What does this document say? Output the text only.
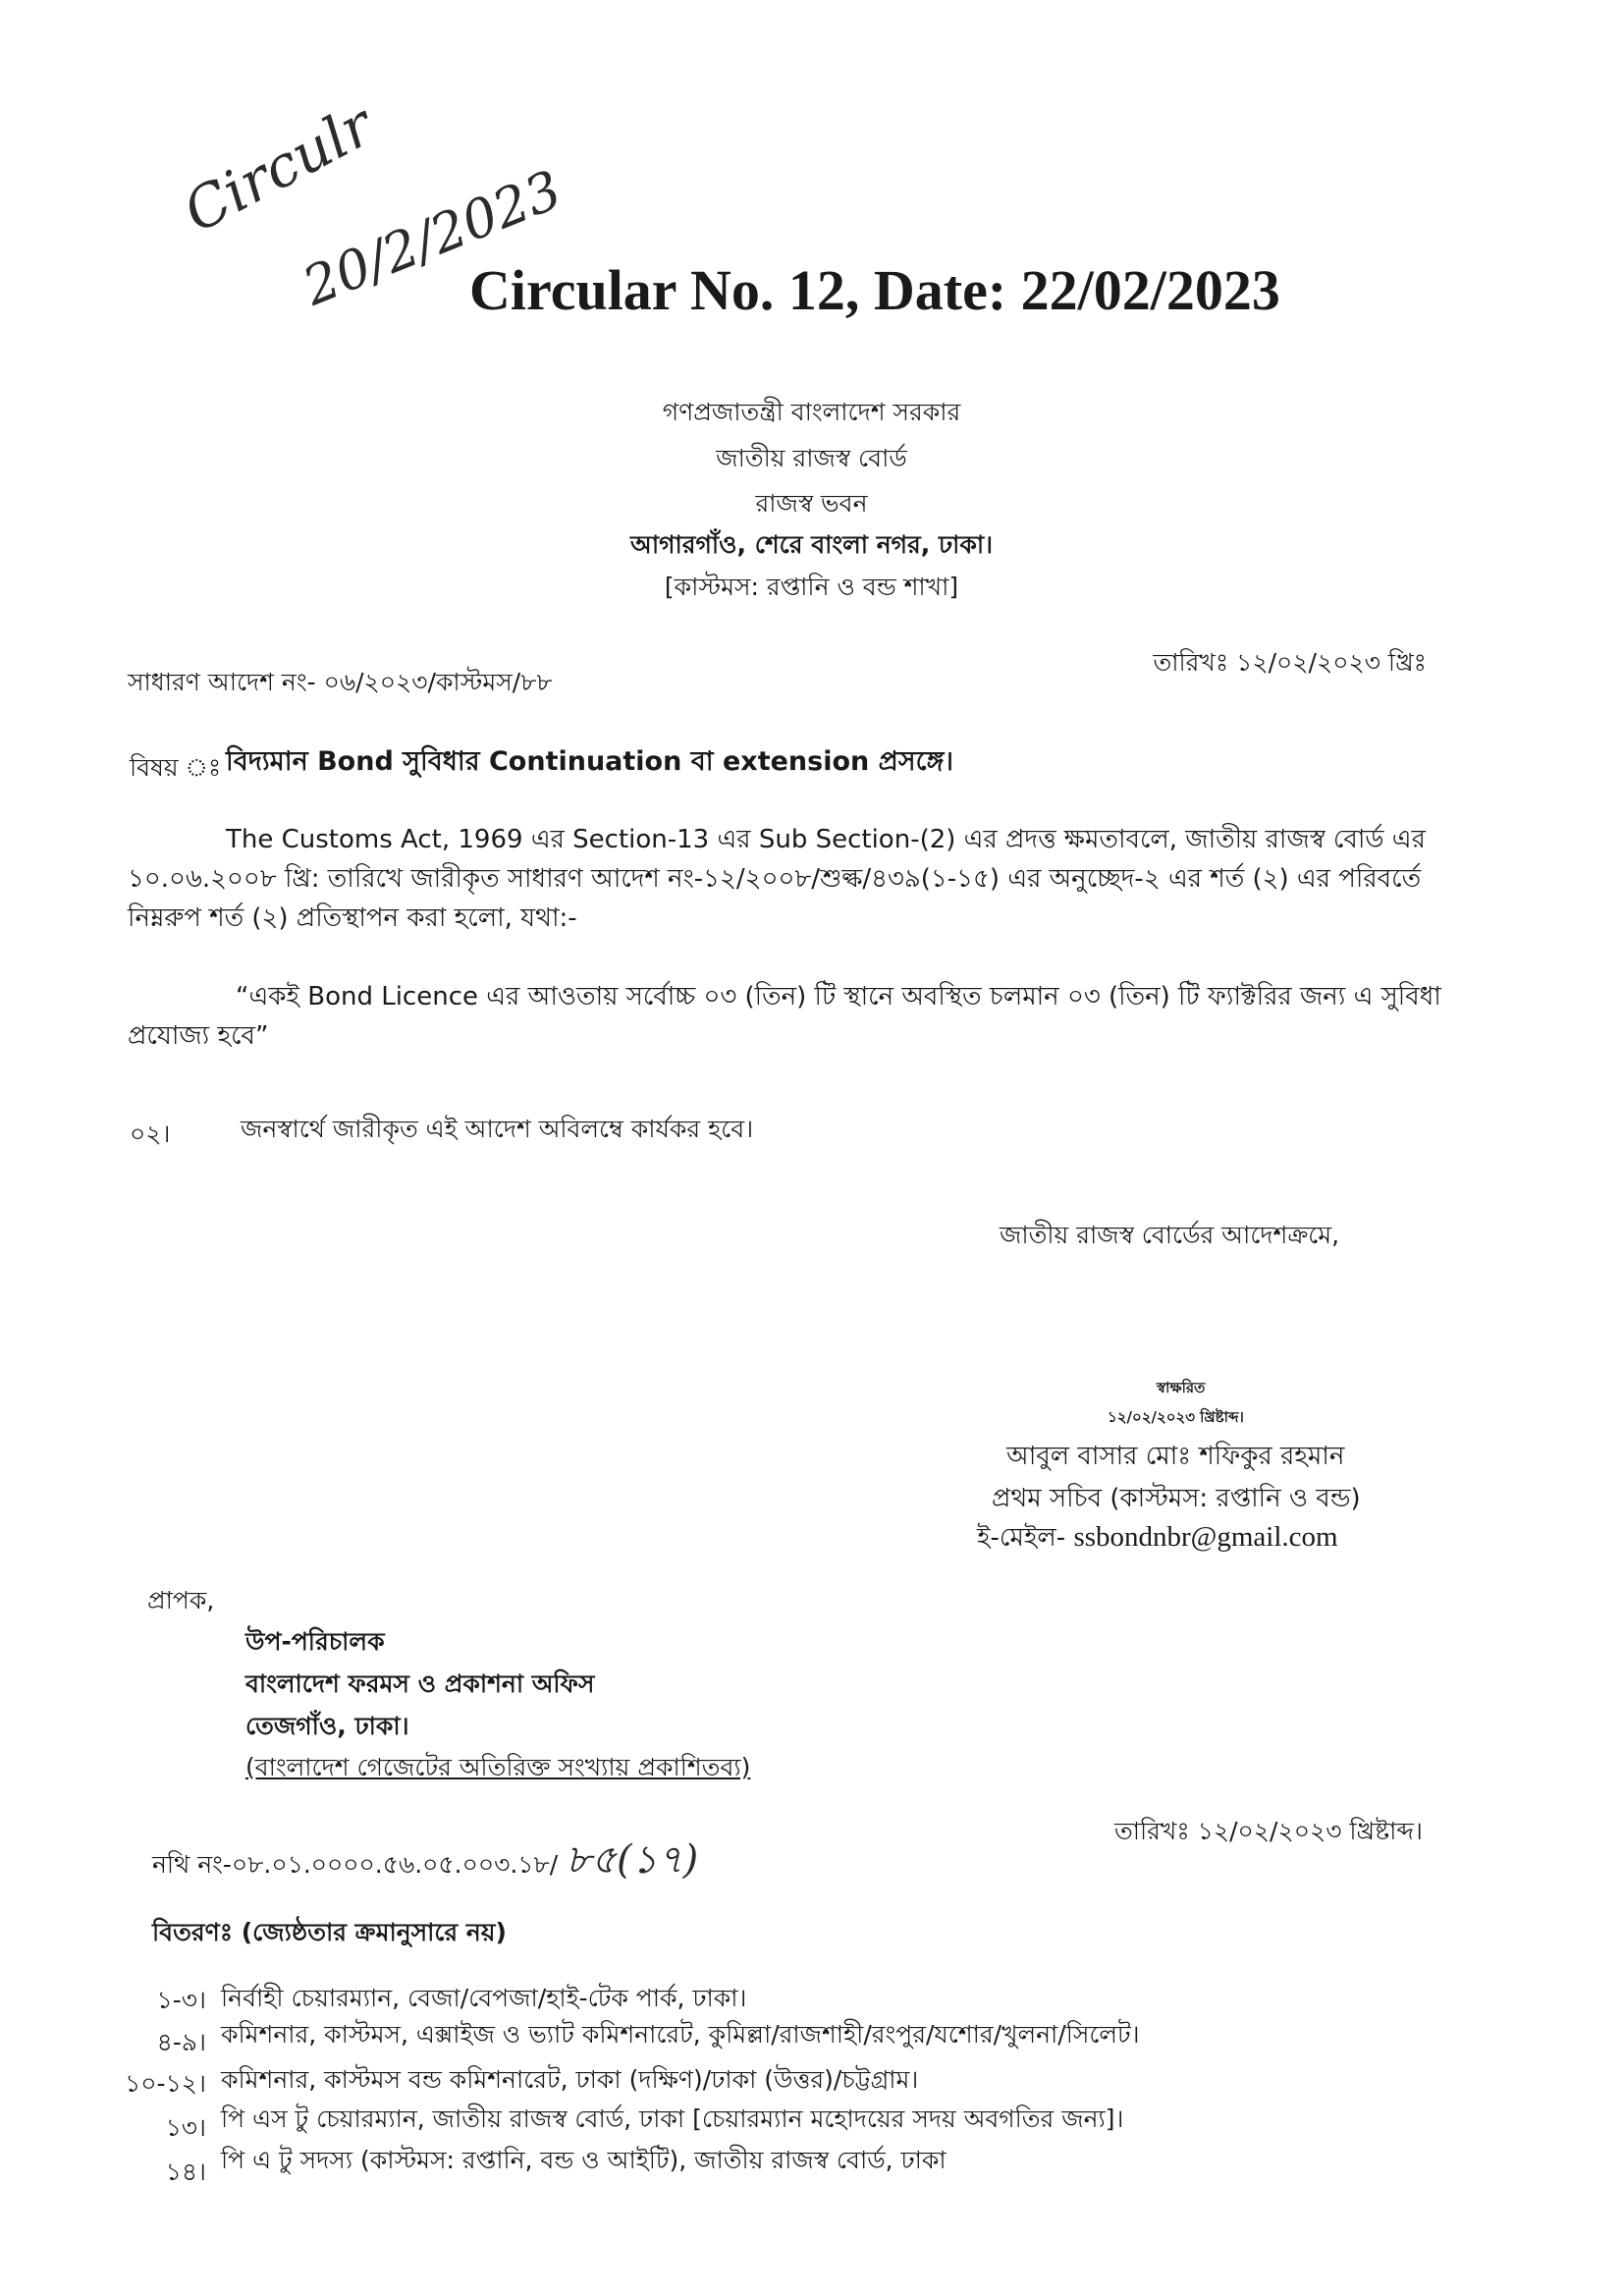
Circulr
20/2/2023
Circular No. 12, Date: 22/02/2023
গণপ্রজাতন্ত্রী বাংলাদেশ সরকার
জাতীয় রাজস্ব বোর্ড
রাজস্ব ভবন
আগারগাঁও, শেরে বাংলা নগর, ঢাকা।
[কাস্টমস: রপ্তানি ও বন্ড শাখা]
সাধারণ আদেশ নং- ০৬/২০২৩/কাস্টমস/৮৮
তারিখঃ ১২/০২/২০২৩ খ্রিঃ
বিষয় ঃ বিদ্যমান Bond সুবিধার Continuation বা extension প্রসঙ্গে।
The Customs Act, 1969 এর Section-13 এর Sub Section-(2) এর প্রদত্ত ক্ষমতাবলে, জাতীয় রাজস্ব বোর্ড এর ১০.০৬.২০০৮ খ্রি: তারিখে জারীকৃত সাধারণ আদেশ নং-১২/২০০৮/শুল্ক/৪৩৯(১-১৫) এর অনুচ্ছেদ-২ এর শর্ত (২) এর পরিবর্তে নিম্নরুপ শর্ত (২) প্রতিস্থাপন করা হলো, যথা:-
“একই Bond Licence এর আওতায় সর্বোচ্চ ০৩ (তিন) টি স্থানে অবস্থিত চলমান ০৩ (তিন) টি ফ্যাক্টরির জন্য এ সুবিধা প্রযোজ্য হবে”
০২।	জনস্বার্থে জারীকৃত এই আদেশ অবিলম্বে কার্যকর হবে।
জাতীয় রাজস্ব বোর্ডের আদেশক্রমে,
স্বাক্ষরিত
১২/০২/২০২৩ খ্রিষ্টাব্দ।
আবুল বাসার মোঃ শফিকুর রহমান
প্রথম সচিব (কাস্টমস: রপ্তানি ও বন্ড)
ই-মেইল- ssbondnbr@gmail.com
প্রাপক,
উপ-পরিচালক
বাংলাদেশ ফরমস ও প্রকাশনা অফিস
তেজগাঁও, ঢাকা।
(বাংলাদেশ গেজেটের অতিরিক্ত সংখ্যায় প্রকাশিতব্য)
নথি নং-০৮.০১.০০০০.৫৬.০৫.০০৩.১৮/ ৮৫(১৭)
তারিখঃ ১২/০২/২০২৩ খ্রিষ্টাব্দ।
বিতরণঃ (জ্যেষ্ঠতার ক্রমানুসারে নয়)
১-৩। নির্বাহী চেয়ারম্যান, বেজা/বেপজা/হাই-টেক পার্ক, ঢাকা।
৪-৯। কমিশনার, কাস্টমস, এক্সাইজ ও ভ্যাট কমিশনারেট, কুমিল্লা/রাজশাহী/রংপুর/যশোর/খুলনা/সিলেট।
১০-১২। কমিশনার, কাস্টমস বন্ড কমিশনারেট, ঢাকা (দক্ষিণ)/ঢাকা (উত্তর)/চট্টগ্রাম।
১৩। পি এস টু চেয়ারম্যান, জাতীয় রাজস্ব বোর্ড, ঢাকা [চেয়ারম্যান মহোদয়ের সদয় অবগতির জন্য]।
১৪। পি এ টু সদস্য (কাস্টমস: রপ্তানি, বন্ড ও আইটি), জাতীয় রাজস্ব বোর্ড, ঢাকা
